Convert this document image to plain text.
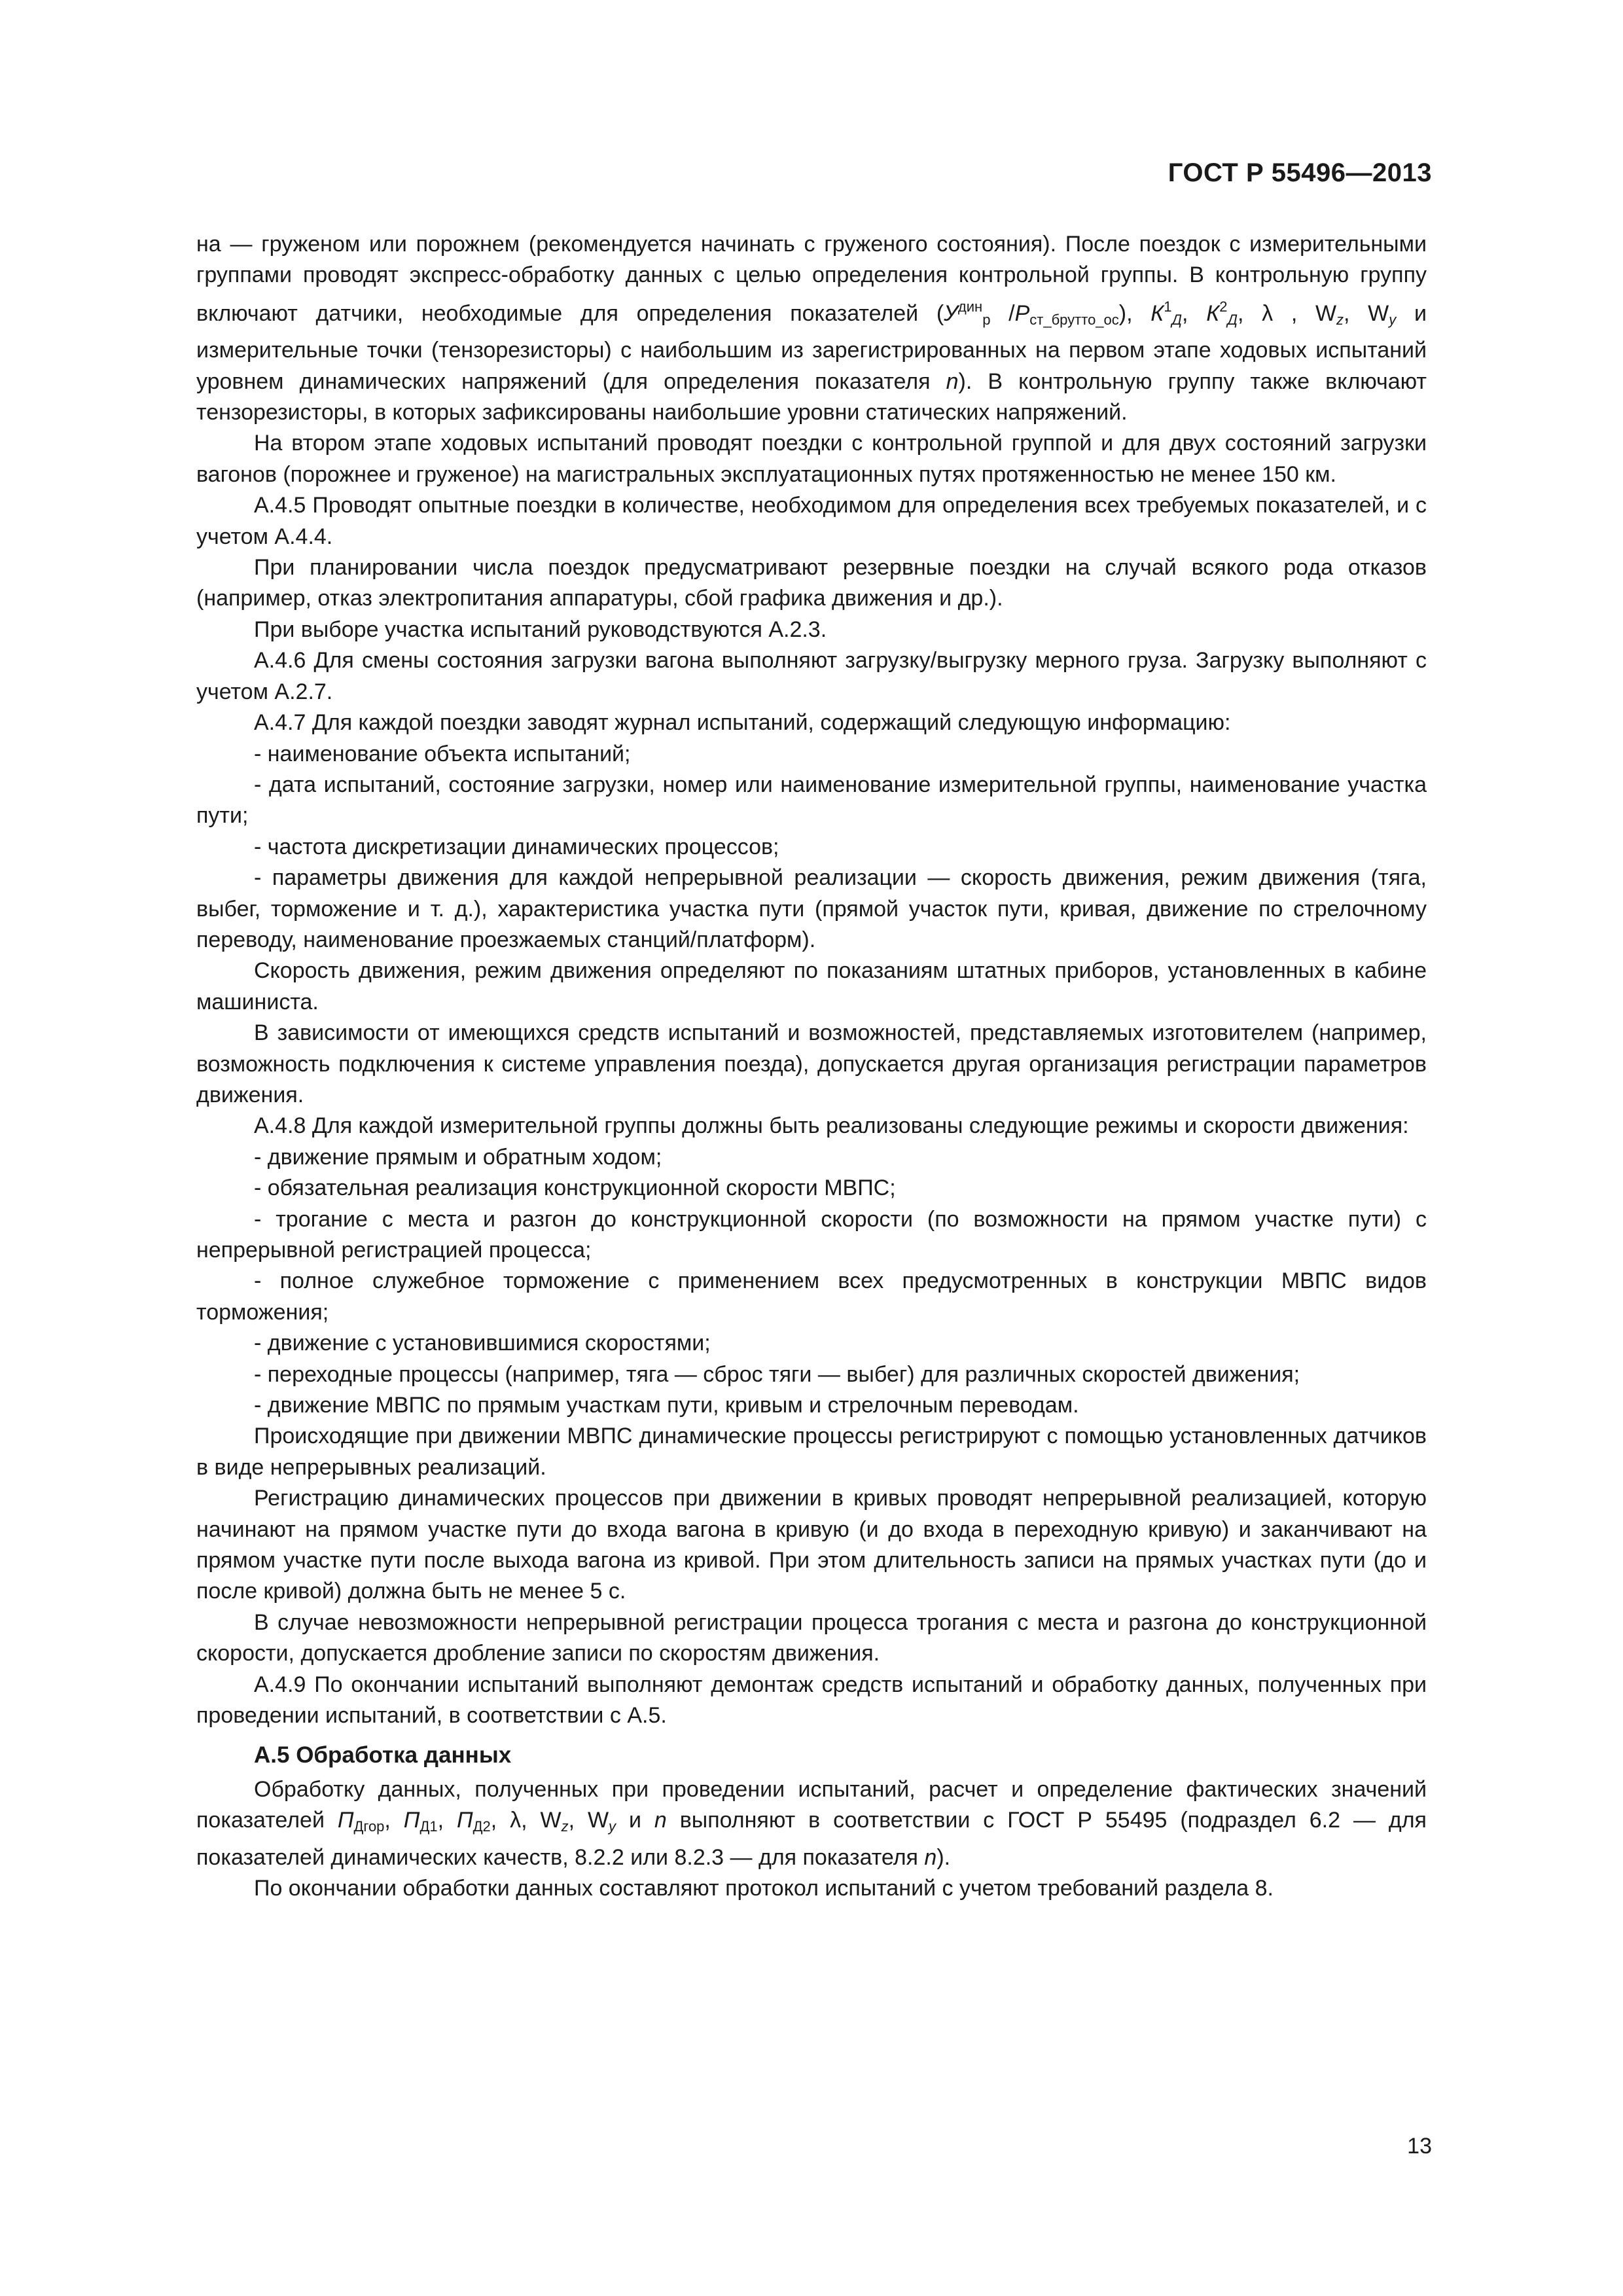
ГОСТ Р 55496—2013

на — груженом или порожнем (рекомендуется начинать с груженого состояния). После поездок с измерительными группами проводят экспресс-обработку данных с целью определения контрольной группы. В контрольную группу включают датчики, необходимые для определения показателей ($У^{дин}_р$ $/Р_{ст\_брутто\_ос}$), $К^1_Д$, $К^2_Д$, λ , $W_z$, $W_y$ и измерительные точки (тензорезисторы) с наибольшим из зарегистрированных на первом этапе ходовых испытаний уровнем динамических напряжений (для определения показателя n). В контрольную группу также включают тензорезисторы, в которых зафиксированы наибольшие уровни статических напряжений.

На втором этапе ходовых испытаний проводят поездки с контрольной группой и для двух состояний загрузки вагонов (порожнее и груженое) на магистральных эксплуатационных путях протяженностью не менее 150 км.

А.4.5 Проводят опытные поездки в количестве, необходимом для определения всех требуемых показателей, и с учетом А.4.4.

При планировании числа поездок предусматривают резервные поездки на случай всякого рода отказов (например, отказ электропитания аппаратуры, сбой графика движения и др.).

При выборе участка испытаний руководствуются А.2.3.

А.4.6 Для смены состояния загрузки вагона выполняют загрузку/выгрузку мерного груза. Загрузку выполняют с учетом А.2.7.

А.4.7 Для каждой поездки заводят журнал испытаний, содержащий следующую информацию:

- наименование объекта испытаний;

- дата испытаний, состояние загрузки, номер или наименование измерительной группы, наименование участка пути;

- частота дискретизации динамических процессов;

- параметры движения для каждой непрерывной реализации — скорость движения, режим движения (тяга, выбег, торможение и т. д.), характеристика участка пути (прямой участок пути, кривая, движение по стрелочному переводу, наименование проезжаемых станций/платформ).

Скорость движения, режим движения определяют по показаниям штатных приборов, установленных в кабине машиниста.

В зависимости от имеющихся средств испытаний и возможностей, представляемых изготовителем (например, возможность подключения к системе управления поезда), допускается другая организация регистрации параметров движения.

А.4.8 Для каждой измерительной группы должны быть реализованы следующие режимы и скорости движения:

- движение прямым и обратным ходом;

- обязательная реализация конструкционной скорости МВПС;

- трогание с места и разгон до конструкционной скорости (по возможности на прямом участке пути) с непрерывной регистрацией процесса;

- полное служебное торможение с применением всех предусмотренных в конструкции МВПС видов торможения;

- движение с установившимися скоростями;

- переходные процессы (например, тяга — сброс тяги — выбег) для различных скоростей движения;

- движение МВПС по прямым участкам пути, кривым и стрелочным переводам.

Происходящие при движении МВПС динамические процессы регистрируют с помощью установленных датчиков в виде непрерывных реализаций.

Регистрацию динамических процессов при движении в кривых проводят непрерывной реализацией, которую начинают на прямом участке пути до входа вагона в кривую (и до входа в переходную кривую) и заканчивают на прямом участке пути после выхода вагона из кривой. При этом длительность записи на прямых участках пути (до и после кривой) должна быть не менее 5 с.

В случае невозможности непрерывной регистрации процесса трогания с места и разгона до конструкционной скорости, допускается дробление записи по скоростям движения.

А.4.9 По окончании испытаний выполняют демонтаж средств испытаний и обработку данных, полученных при проведении испытаний, в соответствии с А.5.

А.5 Обработка данных

Обработку данных, полученных при проведении испытаний, расчет и определение фактических значений показателей $П_{Дгор}$, $П_{Д1}$, $П_{Д2}$, λ, $W_z$, $W_y$ и n выполняют в соответствии с ГОСТ Р 55495 (подраздел 6.2 — для показателей динамических качеств, 8.2.2 или 8.2.3 — для показателя n).

По окончании обработки данных составляют протокол испытаний с учетом требований раздела 8.

13
